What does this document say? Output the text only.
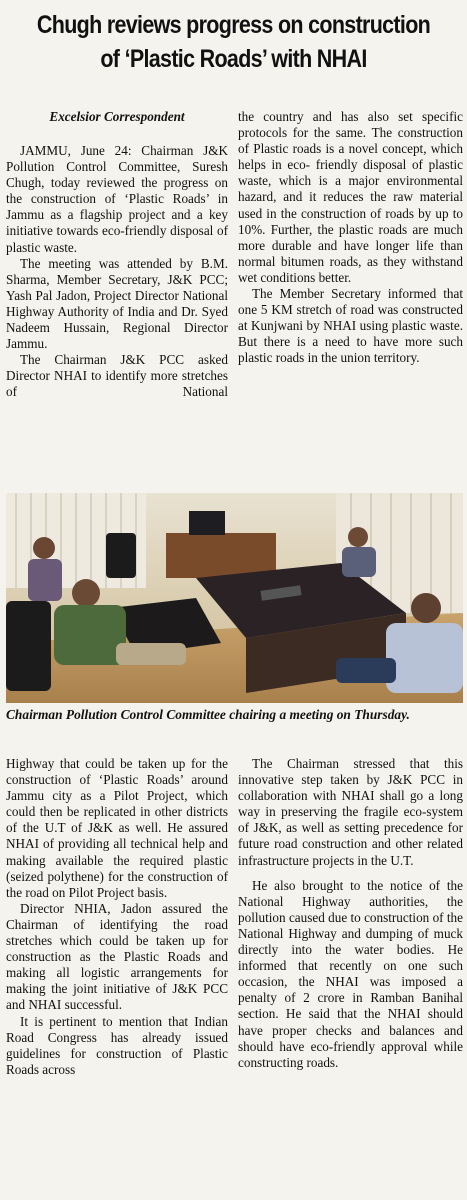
Chugh reviews progress on construction
of ‘Plastic Roads’ with NHAI
Excelsior Correspondent

JAMMU, June 24: Chairman J&K Pollution Control Committee, Suresh Chugh, today reviewed the progress on the construction of ‘Plastic Roads’ in Jammu as a flagship project and a key initiative towards eco-friendly disposal of plastic waste.

The meeting was attended by B.M. Sharma, Member Secretary, J&K PCC; Yash Pal Jadon, Project Director National Highway Authority of India and Dr. Syed Nadeem Hussain, Regional Director Jammu.

The Chairman J&K PCC asked Director NHAI to identify more stretches of National

the country and has also set specific protocols for the same. The construction of Plastic roads is a novel concept, which helps in eco- friendly disposal of plastic waste, which is a major environmental hazard, and it reduces the raw material used in the construction of roads by up to 10%. Further, the plastic roads are much more durable and have longer life than normal bitumen roads, as they withstand wet conditions better.

The Member Secretary informed that one 5 KM stretch of road was constructed at Kunjwani by NHAI using plastic waste. But there is a need to have more such plastic roads in the union territory.

Chairman Pollution Control Committee chairing a meeting on Thursday.

Highway that could be taken up for the construction of ‘Plastic Roads’ around Jammu city as a Pilot Project, which could then be replicated in other districts of the U.T of J&K as well. He assured NHAI of providing all technical help and making available the required plastic (seized polythene) for the construction of the road on Pilot Project basis.

Director NHIA, Jadon assured the Chairman of identifying the road stretches which could be taken up for construction as the Plastic Roads and making all logistic arrangements for making the joint initiative of J&K PCC and NHAI successful.

It is pertinent to mention that Indian Road Congress has already issued guidelines for construction of Plastic Roads across

The Chairman stressed that this innovative step taken by J&K PCC in collaboration with NHAI shall go a long way in preserving the fragile eco-system of J&K, as well as setting precedence for future road construction and other related infrastructure projects in the U.T.

He also brought to the notice of the National Highway authorities, the pollution caused due to construction of the National Highway and dumping of muck directly into the water bodies. He informed that recently on one such occasion, the NHAI was imposed a penalty of 2 crore in Ramban Banihal section. He said that the NHAI should have proper checks and balances and should have eco-friendly approval while constructing roads.
